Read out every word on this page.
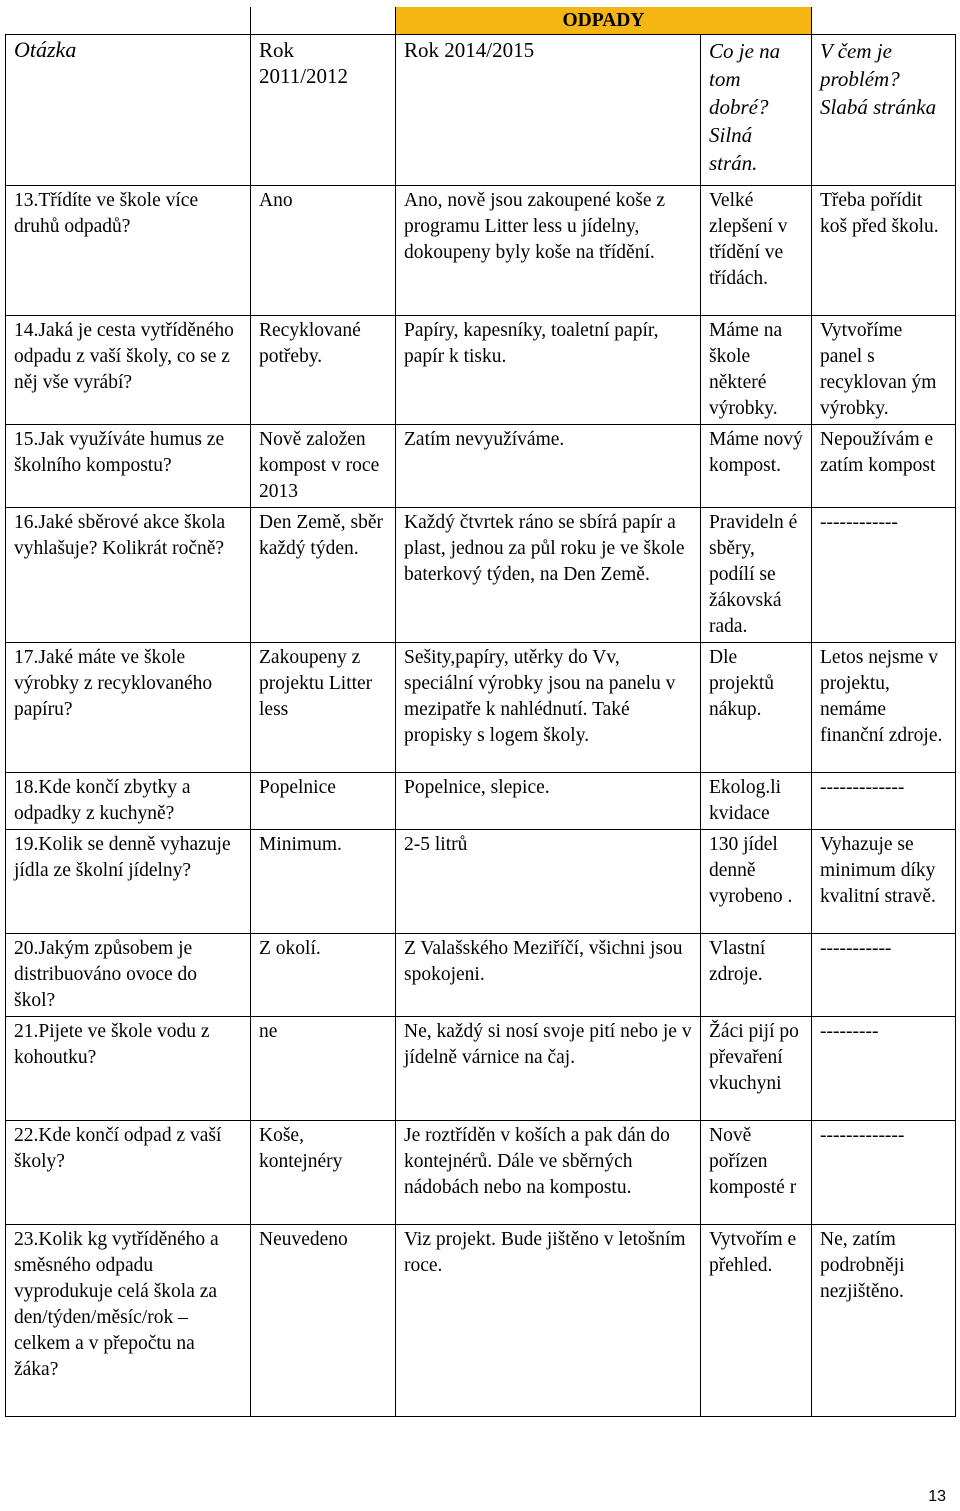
		ODPADY		
Otázka	Rok 2011/2012	Rok 2014/2015	Co je na tom dobré? Silná strán.	V čem je problém? Slabá stránka
13.Třídíte ve škole více druhů odpadů?	Ano	Ano, nově jsou zakoupené koše z programu Litter less u jídelny, dokoupeny byly koše na třídění.	Velké zlepšení v třídění ve třídách.	Třeba pořídit koš před školu.
14.Jaká je cesta vytříděného odpadu z vaší školy, co se z něj vše vyrábí?	Recyklované potřeby.	Papíry, kapesníky, toaletní papír, papír k tisku.	Máme na škole některé výrobky.	Vytvoříme panel s recyklovan ým výrobky.
15.Jak využíváte humus ze školního kompostu?	Nově založen kompost v roce 2013	Zatím nevyužíváme.	Máme nový kompost.	Nepoužívám e zatím kompost
16.Jaké sběrové akce škola vyhlašuje? Kolikrát ročně?	Den Země, sběr každý týden.	Každý čtvrtek ráno se sbírá papír a plast, jednou za půl roku je ve škole baterkový týden, na Den Země.	Pravideln é sběry, podílí se žákovská rada.	------------
17.Jaké máte ve škole výrobky z recyklovaného papíru?	Zakoupeny z projektu Litter less	Sešity,papíry, utěrky do Vv, speciální výrobky jsou na panelu v mezipatře k nahlédnutí. Také propisky s logem školy.	Dle projektů nákup.	Letos nejsme v projektu, nemáme finanční zdroje.
18.Kde končí zbytky a odpadky z kuchyně?	Popelnice	Popelnice, slepice.	Ekolog.li kvidace	-------------
19.Kolik se denně vyhazuje jídla ze školní jídelny?	Minimum.	2-5 litrů	130 jídel denně vyrobeno .	Vyhazuje se minimum díky kvalitní stravě.
20.Jakým způsobem je distribuováno ovoce do škol?	Z okolí.	Z Valašského Meziříčí, všichni jsou spokojeni.	Vlastní zdroje.	-----------
21.Pijete ve škole vodu z kohoutku?	ne	Ne, každý si nosí svoje pití nebo je v jídelně várnice na čaj.	Žáci pijí po převaření vkuchyni	---------
22.Kde končí odpad z vaší školy?	Koše, kontejnéry	Je roztříděn v koších a pak dán do kontejnérů. Dále ve sběrných nádobách nebo na kompostu.	Nově pořízen komposté r	-------------
23.Kolik kg vytříděného a směsného odpadu vyprodukuje celá škola za den/týden/měsíc/rok – celkem a v přepočtu na žáka?	Neuvedeno	Viz projekt. Bude jištěno v letošním roce.	Vytvořím e přehled.	Ne, zatím podrobněji nezjištěno.
13
